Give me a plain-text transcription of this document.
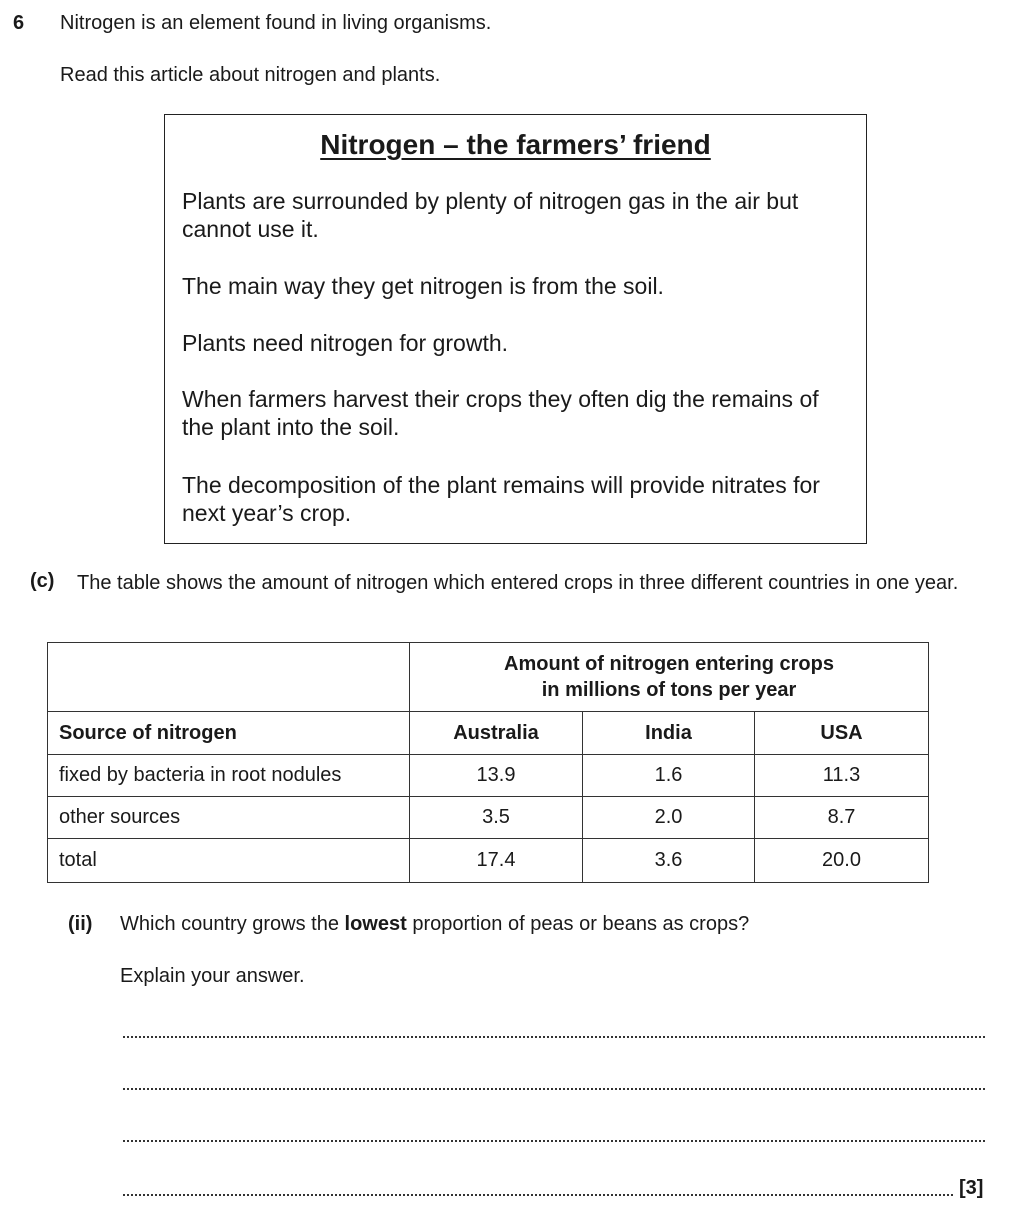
6 Nitrogen is an element found in living organisms.
Read this article about nitrogen and plants.
Nitrogen – the farmers’ friend
Plants are surrounded by plenty of nitrogen gas in the air but cannot use it.
The main way they get nitrogen is from the soil.
Plants need nitrogen for growth.
When farmers harvest their crops they often dig the remains of the plant into the soil.
The decomposition of the plant remains will provide nitrates for next year’s crop.
(c) The table shows the amount of nitrogen which entered crops in three different countries in one year.

	Amount of nitrogen entering crops
in millions of tons per year		

Source of nitrogen	Australia	India	USA
fixed by bacteria in root nodules	13.9	1.6	11.3
other sources	3.5	2.0	8.7
total	17.4	3.6	20.0
(ii) Which country grows the lowest proportion of peas or beans as crops?
Explain your answer.
[3]
